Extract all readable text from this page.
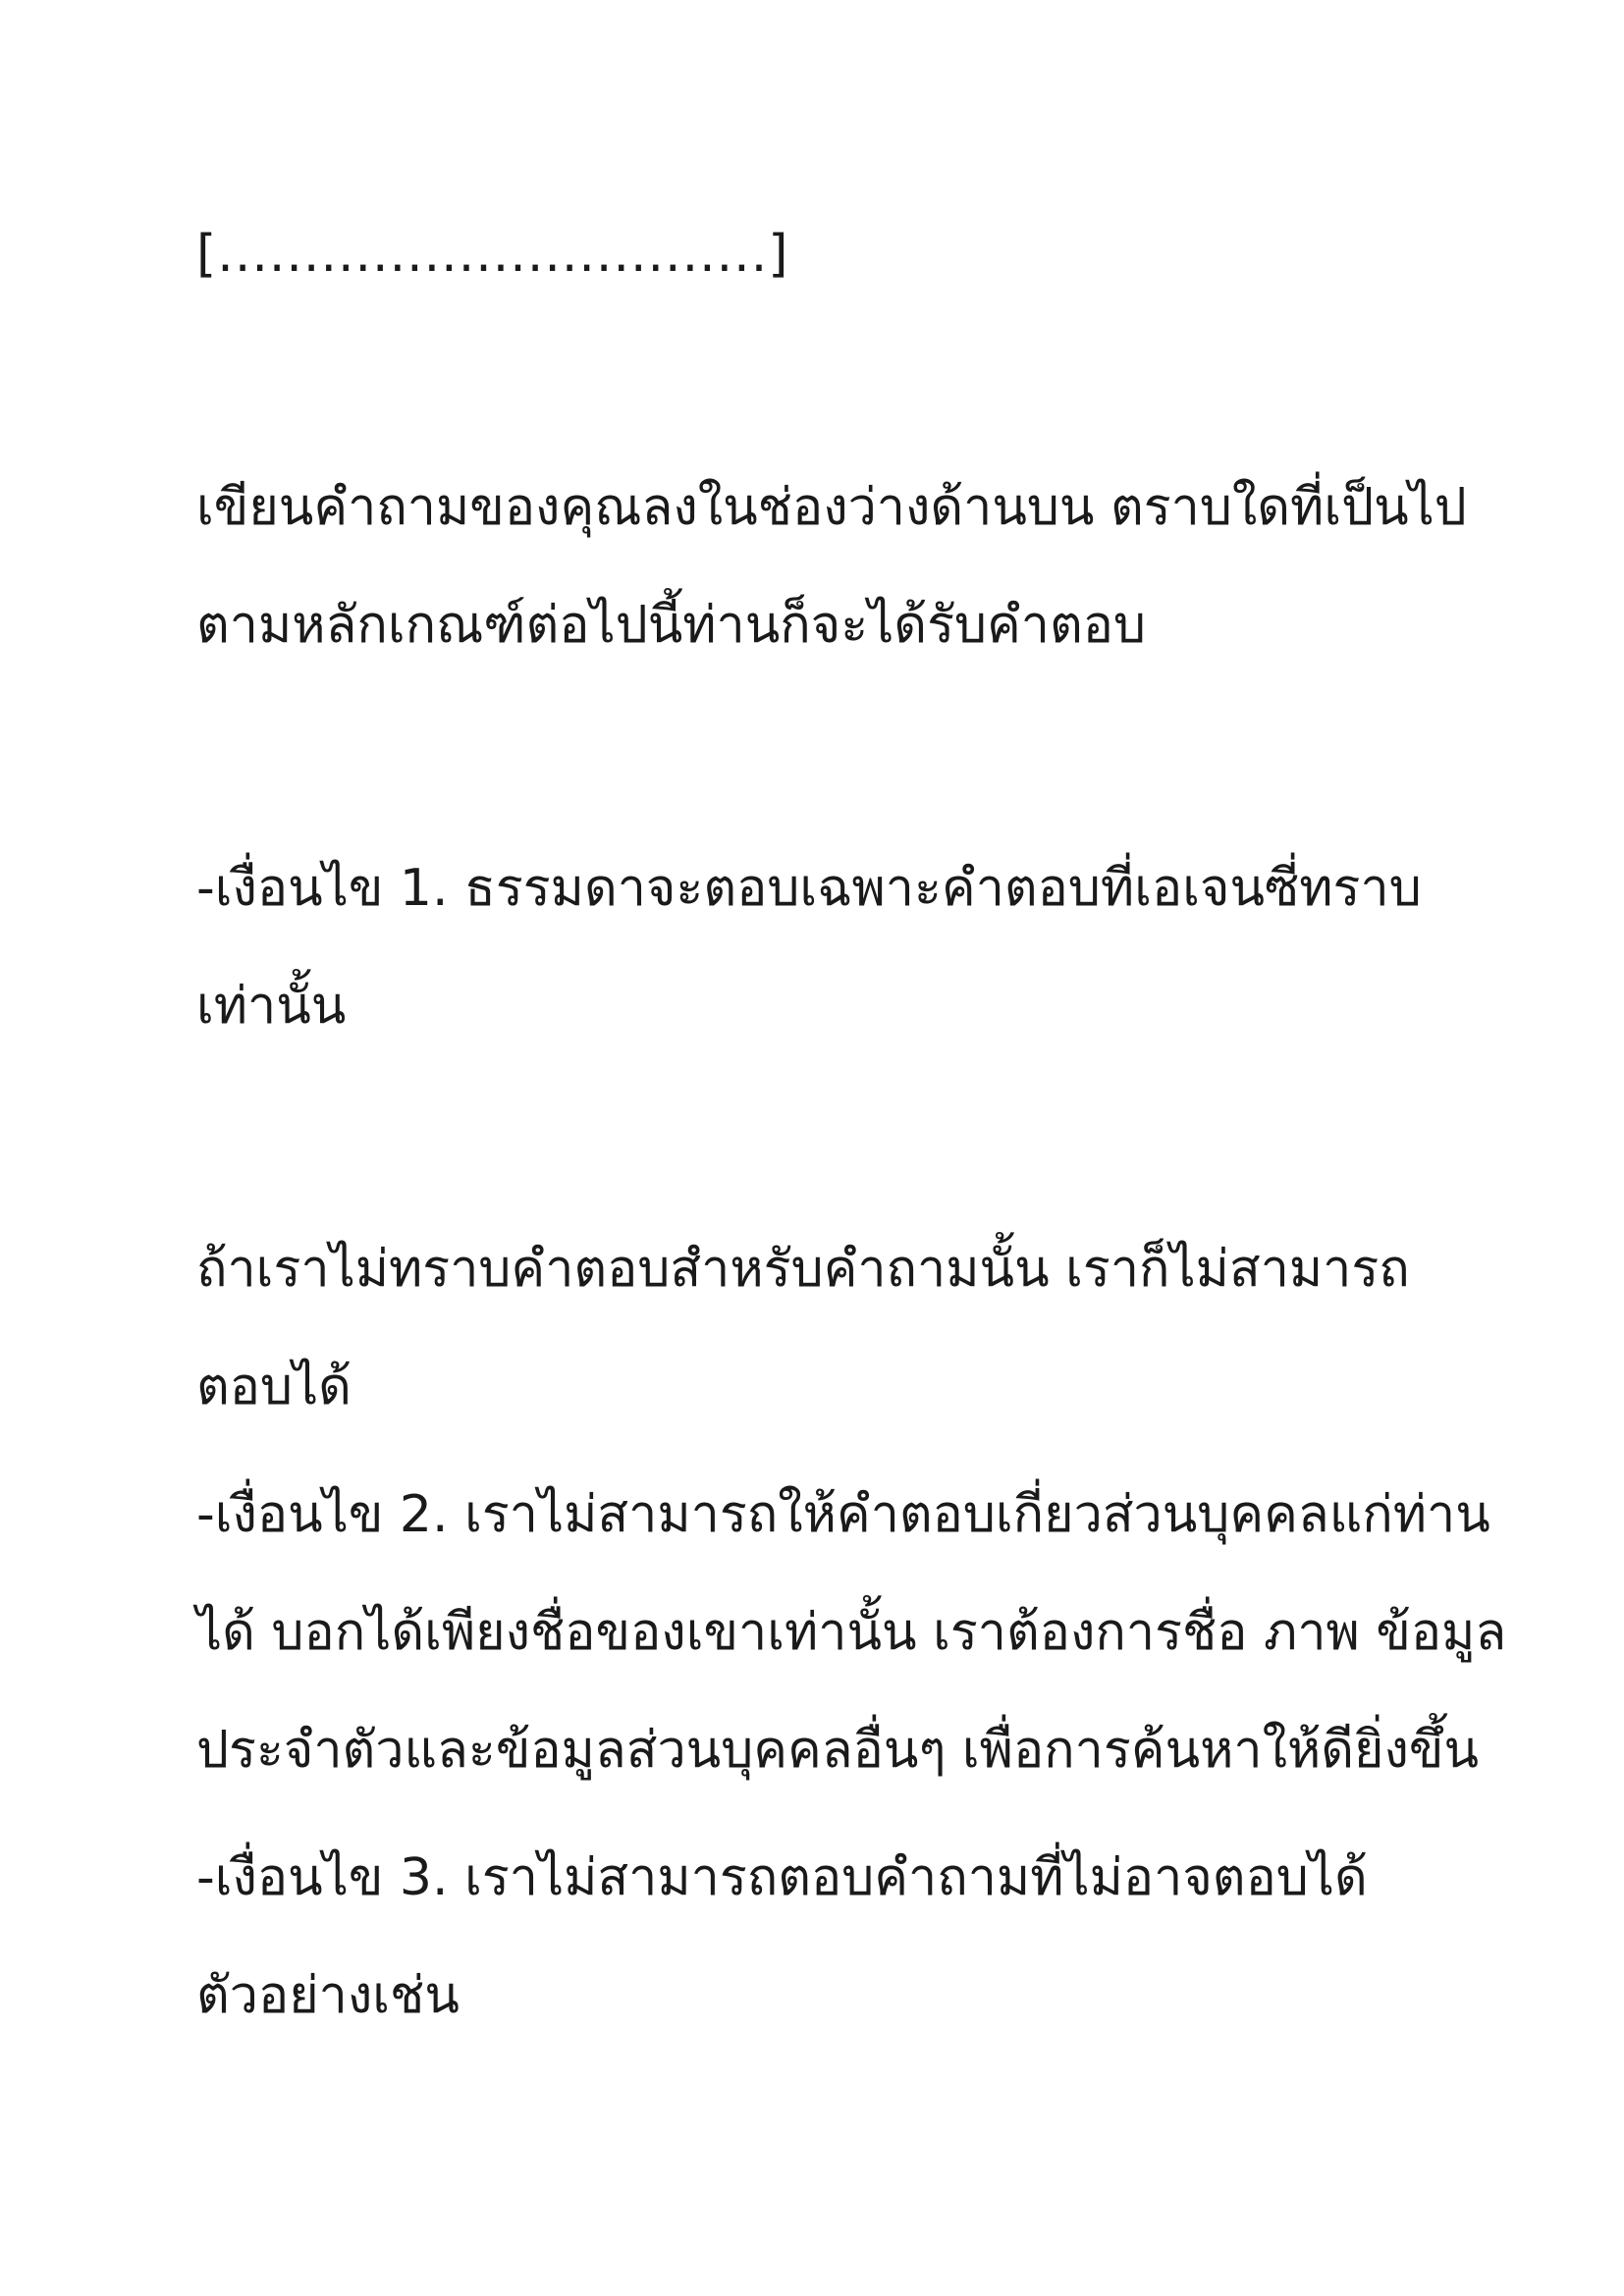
[................................]

เขียนคำถามของคุณลงในช่องว่างด้านบน ตราบใดที่เป็นไป

ตามหลักเกณฑ์ต่อไปนี้ท่านก็จะได้รับคำตอบ

-เงื่อนไข 1. ธรรมดาจะตอบเฉพาะคำตอบที่เอเจนซี่ทราบ

เท่านั้น

ถ้าเราไม่ทราบคำตอบสำหรับคำถามนั้น เราก็ไม่สามารถ

ตอบได้

-เงื่อนไข 2. เราไม่สามารถให้คำตอบเกี่ยวส่วนบุคคลแก่ท่าน

ได้ บอกได้เพียงชื่อของเขาเท่านั้น เราต้องการชื่อ ภาพ ข้อมูล

ประจำตัวและข้อมูลส่วนบุคคลอื่นๆ เพื่อการค้นหาให้ดียิ่งขึ้น

-เงื่อนไข 3. เราไม่สามารถตอบคำถามที่ไม่อาจตอบได้

ตัวอย่างเช่น
